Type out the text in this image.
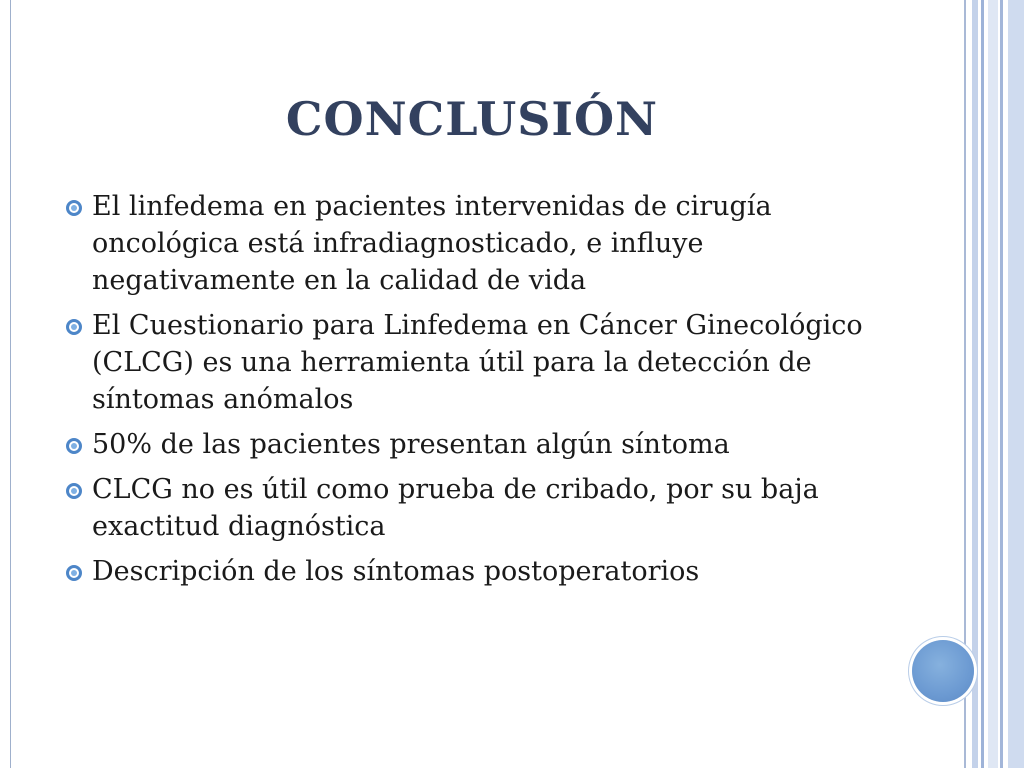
CONCLUSIÓN
El linfedema en pacientes intervenidas de cirugía oncológica está infradiagnosticado, e influye negativamente en la calidad de vida
El Cuestionario para Linfedema en Cáncer Ginecológico (CLCG) es una herramienta útil para la detección de síntomas anómalos
50% de las pacientes presentan algún síntoma
CLCG no es útil como prueba de cribado, por su baja exactitud diagnóstica
Descripción de los síntomas postoperatorios
